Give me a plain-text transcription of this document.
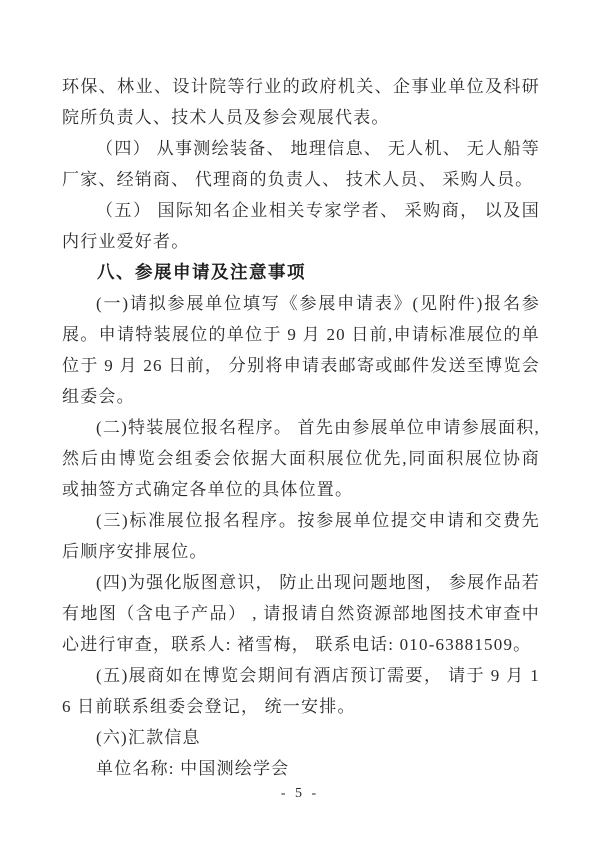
环保、林业、设计院等行业的政府机关、企事业单位及科研院所负责人、技术人员及参会观展代表。

（四） 从事测绘装备、 地理信息、 无人机、 无人船等厂家、经销商、 代理商的负责人、 技术人员、 采购人员。

（五） 国际知名企业相关专家学者、 采购商， 以及国内行业爱好者。

八、参展申请及注意事项

(一)请拟参展单位填写《参展申请表》(见附件)报名参展。申请特装展位的单位于 9 月 20 日前,申请标准展位的单位于 9 月 26 日前， 分别将申请表邮寄或邮件发送至博览会组委会。

(二)特装展位报名程序。 首先由参展单位申请参展面积,然后由博览会组委会依据大面积展位优先,同面积展位协商或抽签方式确定各单位的具体位置。

(三)标准展位报名程序。按参展单位提交申请和交费先后顺序安排展位。

(四)为强化版图意识， 防止出现问题地图， 参展作品若有地图（含电子产品） , 请报请自然资源部地图技术审查中心进行审查，联系人: 褚雪梅， 联系电话: 010-63881509。

(五)展商如在博览会期间有酒店预订需要， 请于 9 月 16 日前联系组委会登记， 统一安排。

(六)汇款信息

单位名称: 中国测绘学会

- 5 -
